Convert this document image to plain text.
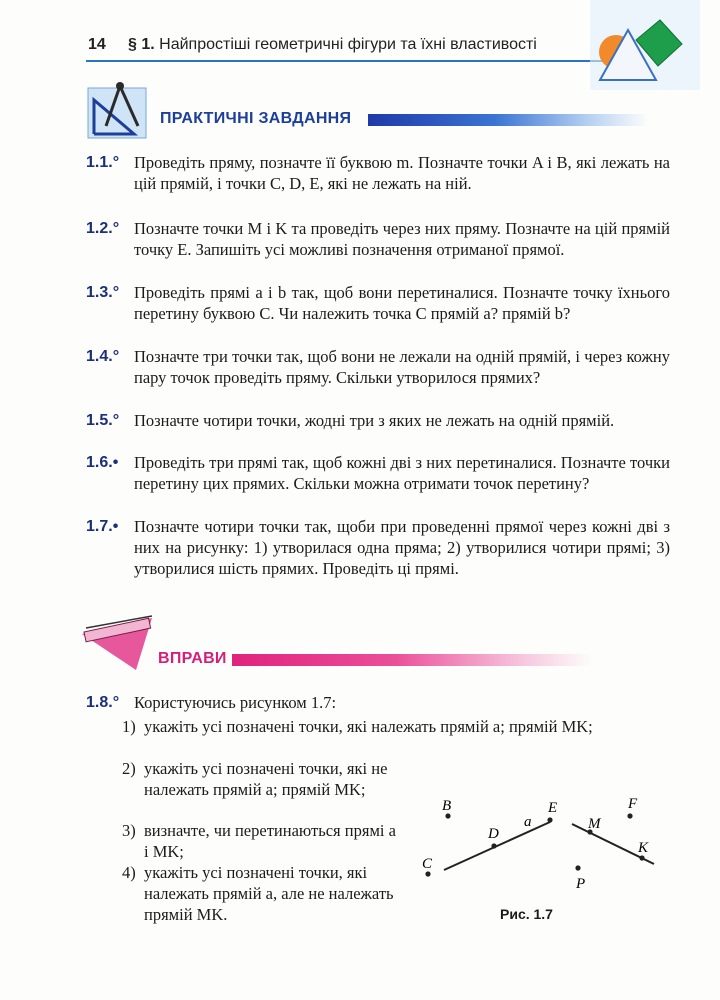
14 § 1. Найпростіші геометричні фігури та їхні властивості
ПРАКТИЧНІ ЗАВДАННЯ
1.1.° Проведіть пряму, позначте її буквою m. Позначте точки A і B, які лежать на цій прямій, і точки C, D, E, які не лежать на ній.
1.2.° Позначте точки M і K та проведіть через них пряму. Позначте на цій прямій точку E. Запишіть усі можливі позначення отриманої прямої.
1.3.° Проведіть прямі a і b так, щоб вони перетиналися. Позначте точку їхнього перетину буквою C. Чи належить точка C прямій a? прямій b?
1.4.° Позначте три точки так, щоб вони не лежали на одній прямій, і через кожну пару точок проведіть пряму. Скільки утворилося прямих?
1.5.° Позначте чотири точки, жодні три з яких не лежать на одній прямій.
1.6.• Проведіть три прямі так, щоб кожні дві з них перетиналися. Позначте точки перетину цих прямих. Скільки можна отримати точок перетину?
1.7.• Позначте чотири точки так, щоби при проведенні прямої через кожні дві з них на рисунку: 1) утворилася одна пряма; 2) утворилися чотири прямі; 3) утворилися шість прямих. Проведіть ці прямі.
ВПРАВИ
1.8.° Користуючись рисунком 1.7:
1) укажіть усі позначені точки, які належать прямій a; прямій MK;
2) укажіть усі позначені точки, які не належать прямій a; прямій MK;
3) визначте, чи перетинаються прямі a і MK;
4) укажіть усі позначені точки, які належать прямій a, але не належать прямій MK.
B	E	F
D
a	M
C
K
P
Рис. 1.7
